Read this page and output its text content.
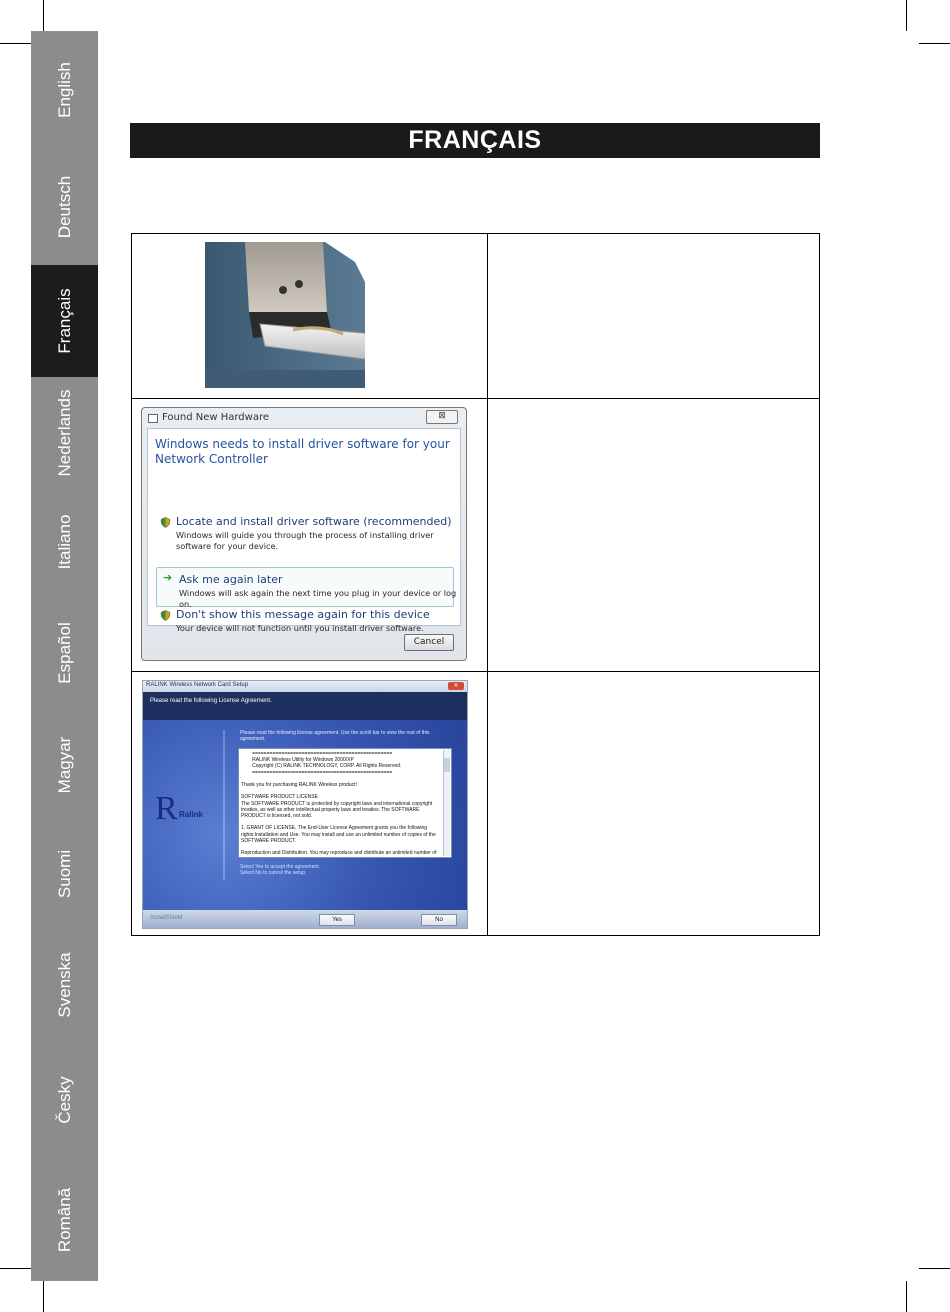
English
Deutsch
Français
Nederlands
Italiano
Español
Magyar
Suomi
Svenska
Česky
Română
FRANÇAIS
Found New Hardware	⊠
Windows needs to install driver software for your Network Controller
Locate and install driver software (recommended)
Windows will guide you through the process of installing driver software for your device.
➔ Ask me again later
Windows will ask again the next time you plug in your device or log on.
Don't show this message again for this device
Your device will not function until you install driver software.
Cancel
RALINK Wireless Network Card Setup	✕
Please read the following License Agreement.
R Ralink
Please read the following license agreement. Use the scroll bar to view the rest of this agreement.
================================================
RALINK Wireless Utility for Windows 2000/XP
Copyright (C) RALINK TECHNOLOGY, CORP. All Rights Reserved.
================================================

Thank you for purchasing RALINK Wireless product!

SOFTWARE PRODUCT LICENSE
The SOFTWARE PRODUCT is protected by copyright laws and international copyright treaties, as well as other intellectual property laws and treaties. The SOFTWARE PRODUCT is licensed, not sold.

1. GRANT OF LICENSE. The End-User License Agreement grants you the following rights:Installation and Use. You may install and use an unlimited number of copies of the SOFTWARE PRODUCT.

Reproduction and Distribution. You may reproduce and distribute an unlimited number of
Select Yes to accept the agreement.
Select No to cancel the setup.
InstallShield	Yes	No
